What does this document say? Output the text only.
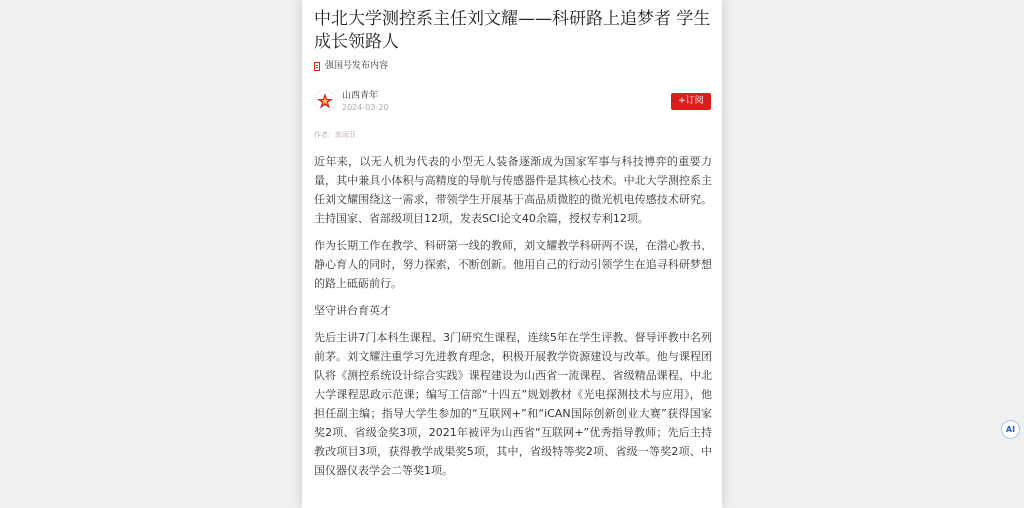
中北大学测控系主任刘文耀——科研路上追梦者 学生成长领路人
强国号发布内容
山西青年
2024-03-20
+订阅
作者：郭雨菲

近年来，以无人机为代表的小型无人装备逐渐成为国家军事与科技博弈的重要力量，其中兼具小体积与高精度的导航与传感器件是其核心技术。中北大学测控系主任刘文耀围绕这一需求，带领学生开展基于高品质微腔的微光机电传感技术研究。主持国家、省部级项目12项，发表SCI论文40余篇，授权专利12项。

作为长期工作在教学、科研第一线的教师，刘文耀教学科研两不误，在潜心教书、静心育人的同时，努力探索，不断创新。他用自己的行动引领学生在追寻科研梦想的路上砥砺前行。

坚守讲台育英才

先后主讲7门本科生课程、3门研究生课程，连续5年在学生评教、督导评教中名列前茅。刘文耀注重学习先进教育理念，积极开展教学资源建设与改革。他与课程团队将《测控系统设计综合实践》课程建设为山西省一流课程、省级精品课程、中北大学课程思政示范课；编写工信部“十四五”规划教材《光电探测技术与应用》，他担任副主编；指导大学生参加的“互联网+”和“iCAN国际创新创业大赛”获得国家奖2项、省级金奖3项，2021年被评为山西省“互联网+”优秀指导教师；先后主持教改项目3项，获得教学成果奖5项，其中，省级特等奖2项、省级一等奖2项、中国仪器仪表学会二等奖1项。

AI
